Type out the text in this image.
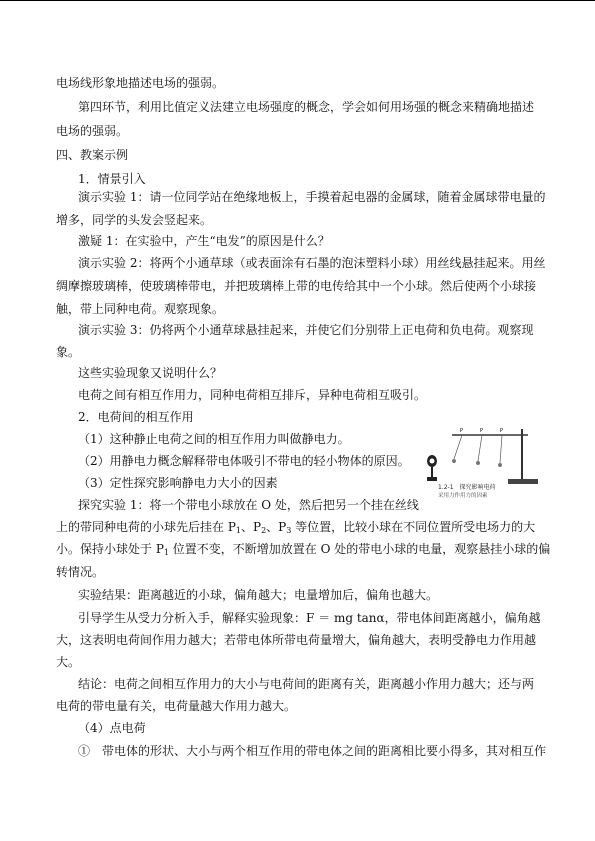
电场线形象地描述电场的强弱。
第四环节，利用比值定义法建立电场强度的概念，学会如何用场强的概念来精确地描述
电场的强弱。
四、教案示例
1．情景引入
演示实验 1：请一位同学站在绝缘地板上，手摸着起电器的金属球，随着金属球带电量的
增多，同学的头发会竖起来。
激疑 1：在实验中，产生“电发”的原因是什么？
演示实验 2：将两个小通草球（或表面涂有石墨的泡沫塑料小球）用丝线悬挂起来。用丝
绸摩擦玻璃棒，使玻璃棒带电，并把玻璃棒上带的电传给其中一个小球。然后使两个小球接
触，带上同种电荷。观察现象。
演示实验 3：仍将两个小通草球悬挂起来，并使它们分别带上正电荷和负电荷。观察现
象。
这些实验现象又说明什么？
电荷之间有相互作用力，同种电荷相互排斥，异种电荷相互吸引。
2．电荷间的相互作用
（1）这种静止电荷之间的相互作用力叫做静电力。
（2）用静电力概念解释带电体吸引不带电的轻小物体的原因。
（3）定性探究影响静电力大小的因素
探究实验 1：将一个带电小球放在 O 处，然后把另一个挂在丝线
上的带同种电荷的小球先后挂在 $P_1$、$P_2$、$P_3$ 等位置，比较小球在不同位置所受电场力的大
小。保持小球处于 $P_1$ 位置不变，不断增加放置在 O 处的带电小球的电量，观察悬挂小球的偏
转情况。
实验结果：距离越近的小球，偏角越大；电量增加后，偏角也越大。
引导学生从受力分析入手，解释实验现象：F ＝ mg tanα，带电体间距离越小，偏角越
大，这表明电荷间作用力越大；若带电体所带电荷量增大，偏角越大，表明受静电力作用越
大。
结论：电荷之间相互作用力的大小与电荷间的距离有关，距离越小作用力越大；还与两
电荷的带电量有关，电荷量越大作用力越大。
（4）点电荷
①　带电体的形状、大小与两个相互作用的带电体之间的距离相比要小得多，其对相互作
P	P	P
1.2-1　探究影响电荷
采用力作用力的因素
